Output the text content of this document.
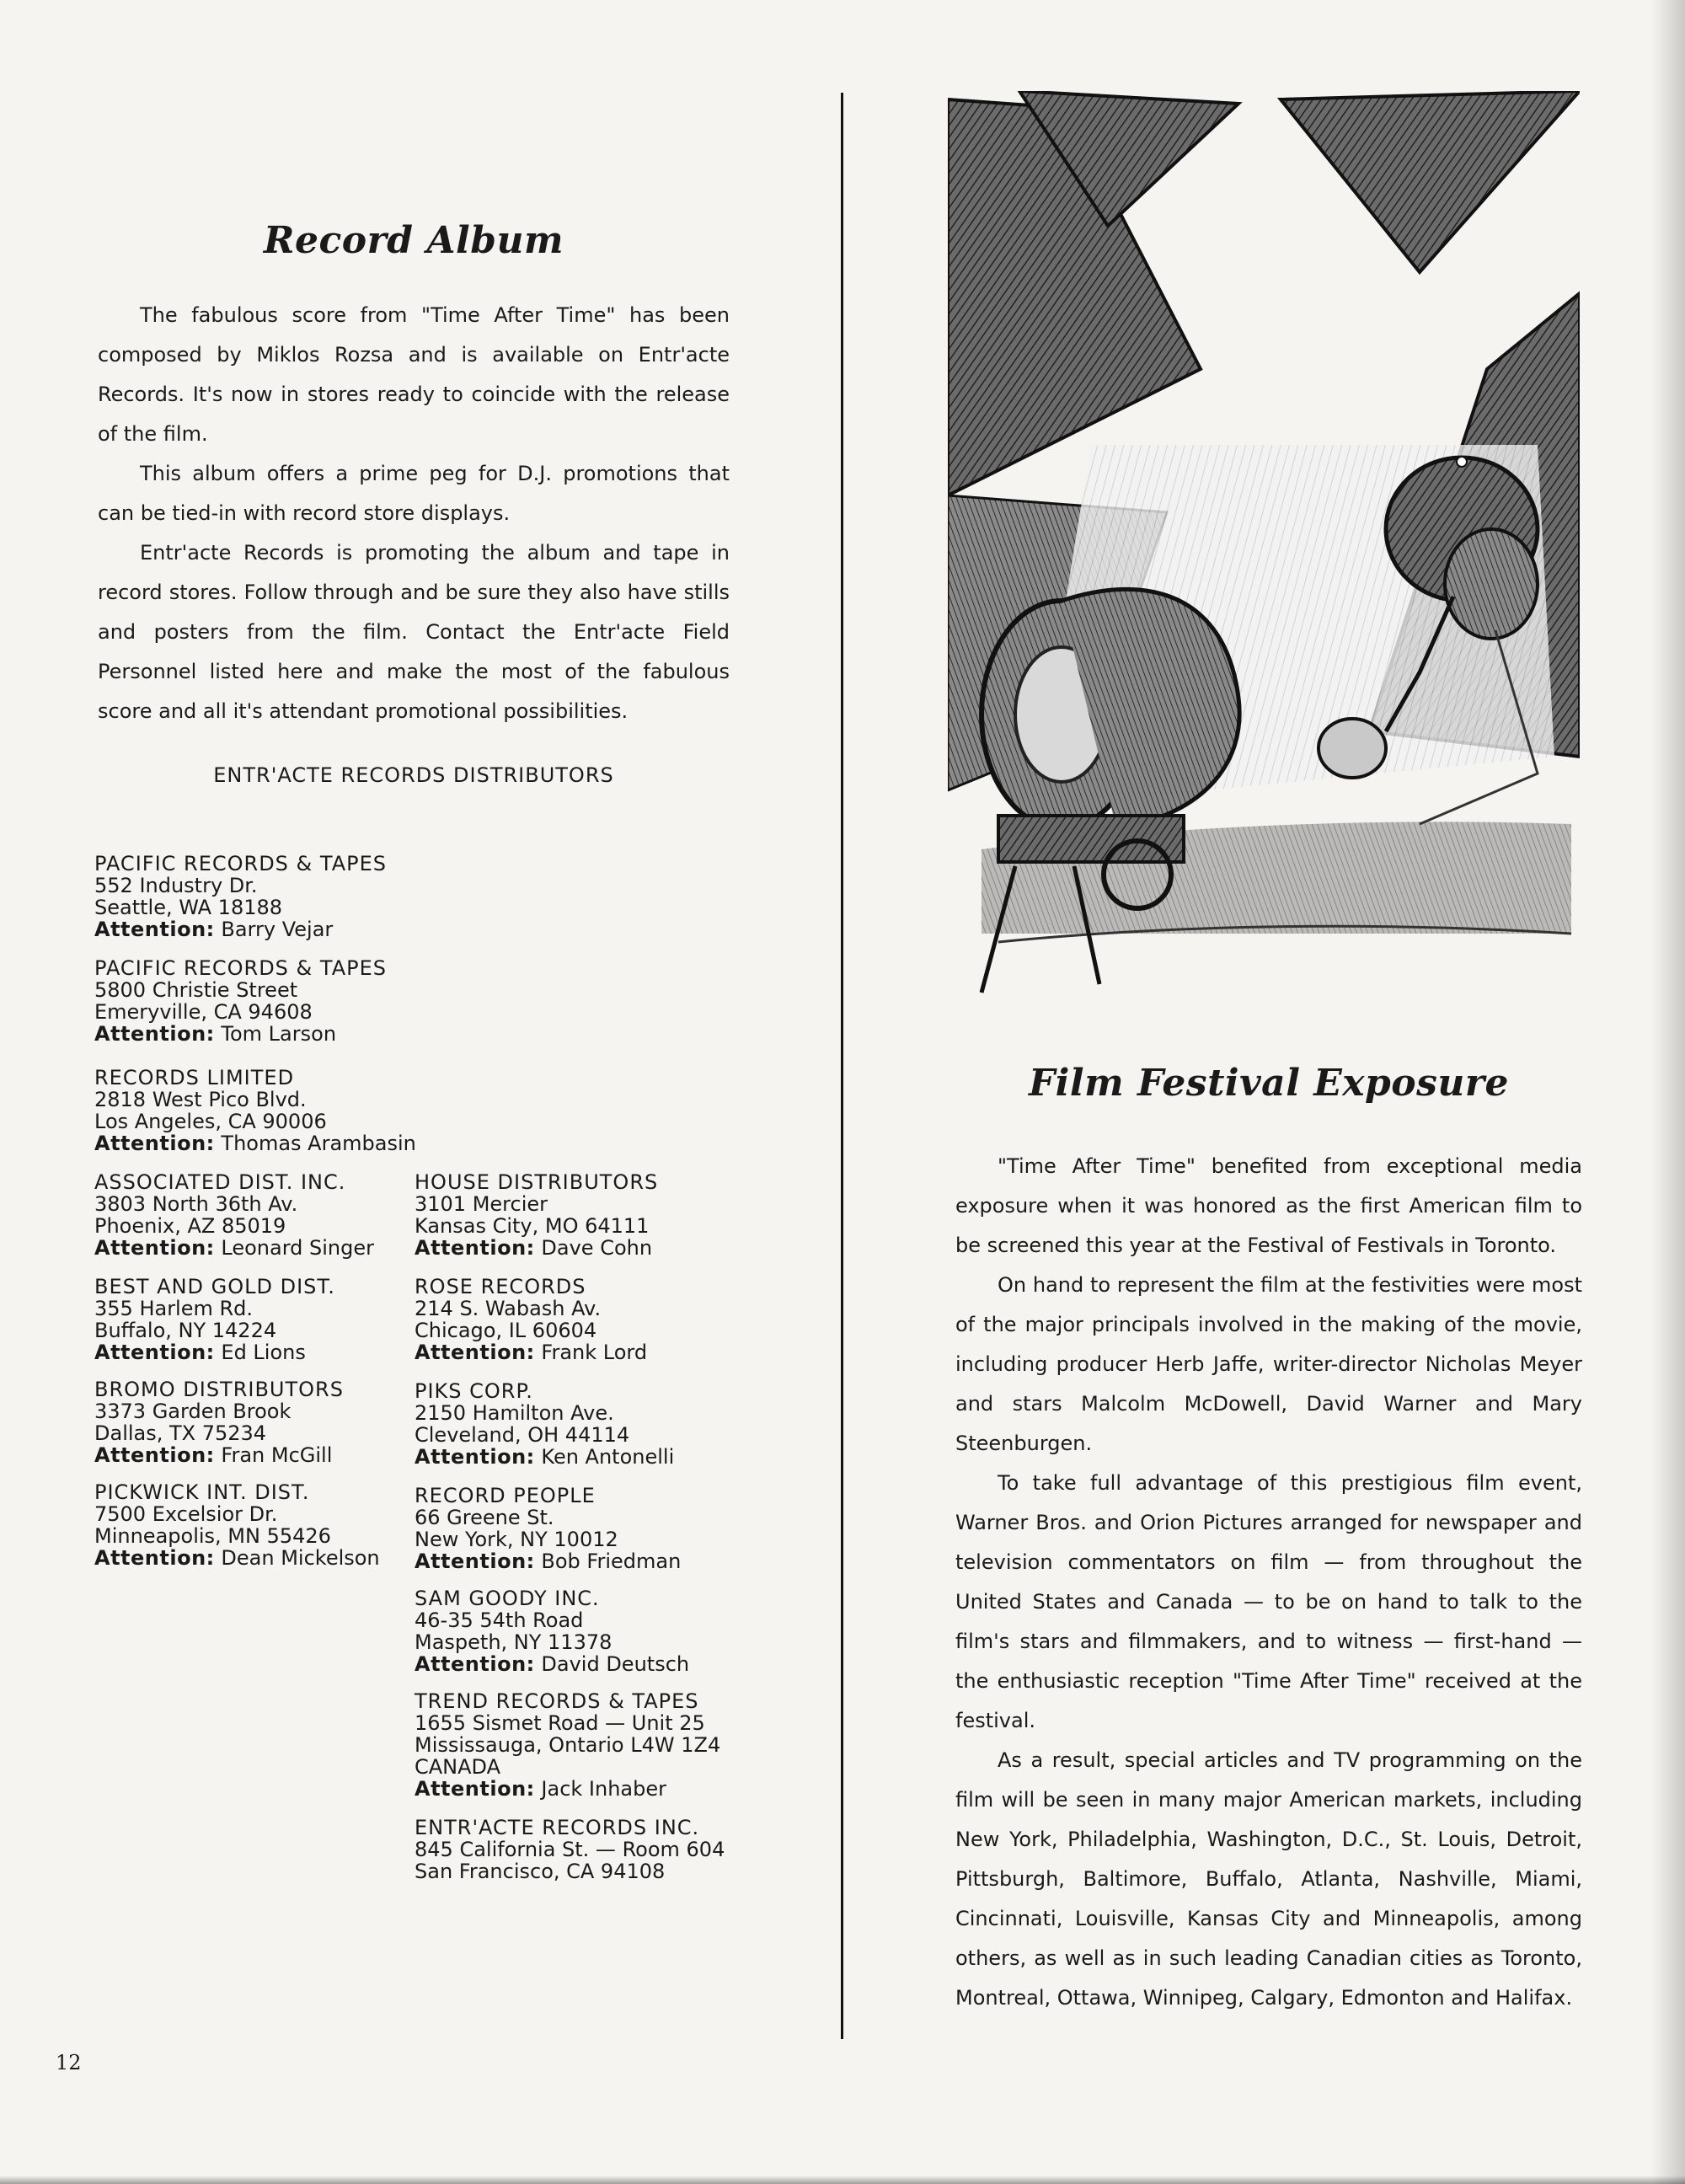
Record Album

The fabulous score from "Time After Time" has been composed by Miklos Rozsa and is available on Entr'acte Records. It's now in stores ready to coincide with the release of the film.

This album offers a prime peg for D.J. promotions that can be tied-in with record store displays.

Entr'acte Records is promoting the album and tape in record stores. Follow through and be sure they also have stills and posters from the film. Contact the Entr'acte Field Personnel listed here and make the most of the fabulous score and all it's attendant promotional possibilities.

ENTR'ACTE RECORDS DISTRIBUTORS

PACIFIC RECORDS & TAPES
552 Industry Dr.
Seattle, WA 18188
Attention: Barry Vejar
PACIFIC RECORDS & TAPES
5800 Christie Street
Emeryville, CA 94608
Attention: Tom Larson
RECORDS LIMITED
2818 West Pico Blvd.
Los Angeles, CA 90006
Attention: Thomas Arambasin
ASSOCIATED DIST. INC.
3803 North 36th Av.
Phoenix, AZ 85019
Attention: Leonard Singer
BEST AND GOLD DIST.
355 Harlem Rd.
Buffalo, NY 14224
Attention: Ed Lions
BROMO DISTRIBUTORS
3373 Garden Brook
Dallas, TX 75234
Attention: Fran McGill
PICKWICK INT. DIST.
7500 Excelsior Dr.
Minneapolis, MN 55426
Attention: Dean Mickelson
HOUSE DISTRIBUTORS
3101 Mercier
Kansas City, MO 64111
Attention: Dave Cohn
ROSE RECORDS
214 S. Wabash Av.
Chicago, IL 60604
Attention: Frank Lord
PIKS CORP.
2150 Hamilton Ave.
Cleveland, OH 44114
Attention: Ken Antonelli
RECORD PEOPLE
66 Greene St.
New York, NY 10012
Attention: Bob Friedman
SAM GOODY INC.
46-35 54th Road
Maspeth, NY 11378
Attention: David Deutsch
TREND RECORDS & TAPES
1655 Sismet Road — Unit 25
Mississauga, Ontario L4W 1Z4
CANADA
Attention: Jack Inhaber
ENTR'ACTE RECORDS INC.
845 California St. — Room 604
San Francisco, CA 94108
Film Festival Exposure

"Time After Time" benefited from exceptional media exposure when it was honored as the first American film to be screened this year at the Festival of Festivals in Toronto.

On hand to represent the film at the festivities were most of the major principals involved in the making of the movie, including producer Herb Jaffe, writer-director Nicholas Meyer and stars Malcolm McDowell, David Warner and Mary Steenburgen.

To take full advantage of this prestigious film event, Warner Bros. and Orion Pictures arranged for newspaper and television commentators on film — from throughout the United States and Canada — to be on hand to talk to the film's stars and filmmakers, and to witness — first-hand — the enthusiastic reception "Time After Time" received at the festival.

As a result, special articles and TV programming on the film will be seen in many major American markets, including New York, Philadelphia, Washington, D.C., St. Louis, Detroit, Pittsburgh, Baltimore, Buffalo, Atlanta, Nashville, Miami, Cincinnati, Louisville, Kansas City and Minneapolis, among others, as well as in such leading Canadian cities as Toronto, Montreal, Ottawa, Winnipeg, Calgary, Edmonton and Halifax.

12
